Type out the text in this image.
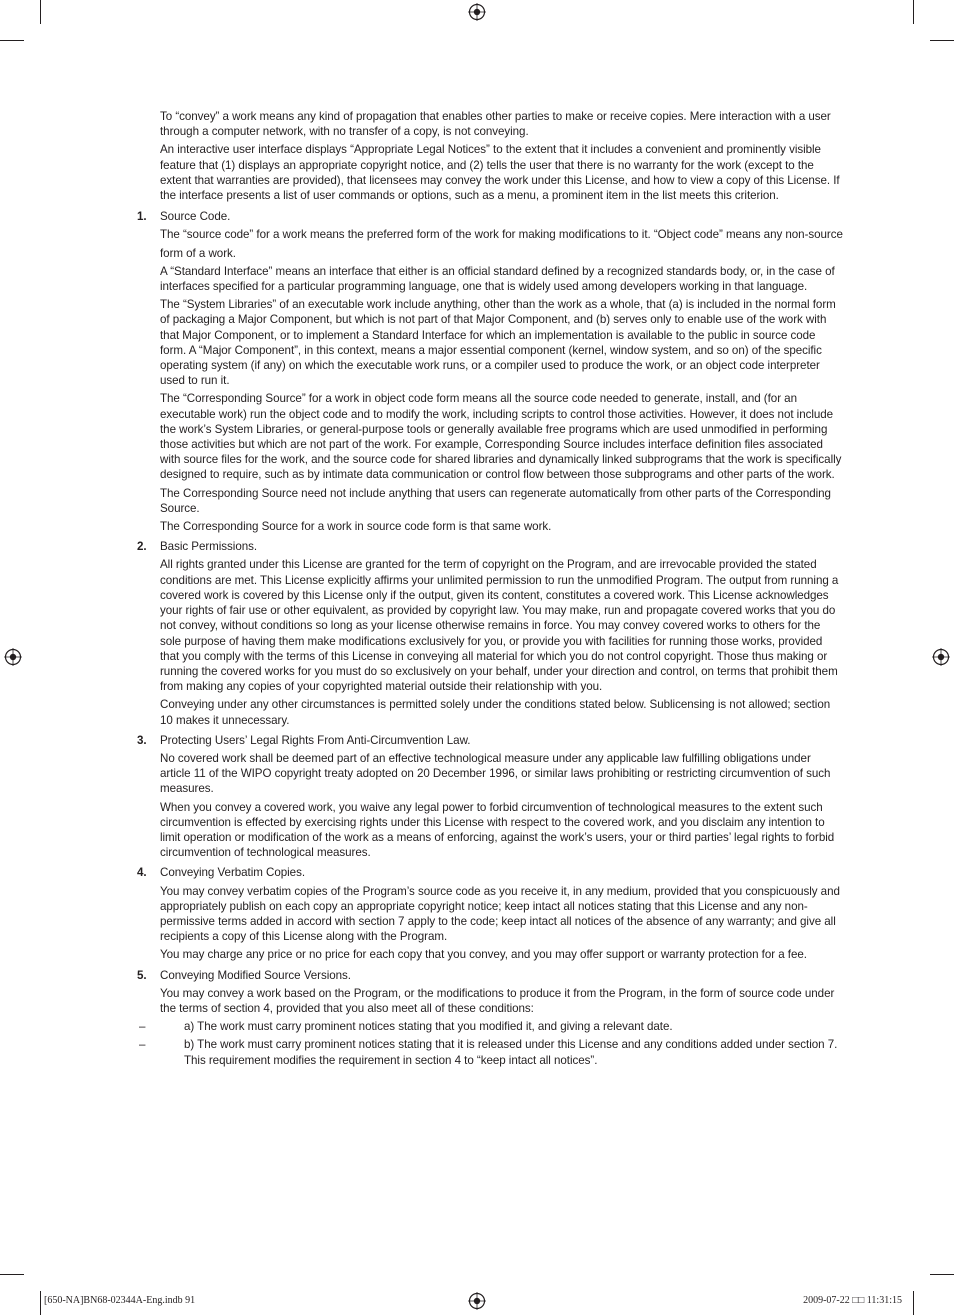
To “convey” a work means any kind of propagation that enables other parties to make or receive copies. Mere interaction with a user through a computer network, with no transfer of a copy, is not conveying.

An interactive user interface displays “Appropriate Legal Notices” to the extent that it includes a convenient and prominently visible feature that (1) displays an appropriate copyright notice, and (2) tells the user that there is no warranty for the work (except to the extent that warranties are provided), that licensees may convey the work under this License, and how to view a copy of this License. If the interface presents a list of user commands or options, such as a menu, a prominent item in the list meets this criterion.

1.	Source Code.

The “source code” for a work means the preferred form of the work for making modifications to it. “Object code” means any non-source

form of a work.

A “Standard Interface” means an interface that either is an official standard defined by a recognized standards body, or, in the case of interfaces specified for a particular programming language, one that is widely used among developers working in that language.

The “System Libraries” of an executable work include anything, other than the work as a whole, that (a) is included in the normal form of packaging a Major Component, but which is not part of that Major Component, and (b) serves only to enable use of the work with that Major Component, or to implement a Standard Interface for which an implementation is available to the public in source code form. A “Major Component”, in this context, means a major essential component (kernel, window system, and so on) of the specific operating system (if any) on which the executable work runs, or a compiler used to produce the work, or an object code interpreter used to run it.

The “Corresponding Source” for a work in object code form means all the source code needed to generate, install, and (for an executable work) run the object code and to modify the work, including scripts to control those activities. However, it does not include the work’s System Libraries, or general-purpose tools or generally available free programs which are used unmodified in performing those activities but which are not part of the work. For example, Corresponding Source includes interface definition files associated with source files for the work, and the source code for shared libraries and dynamically linked subprograms that the work is specifically designed to require, such as by intimate data communication or control flow between those subprograms and other parts of the work.

The Corresponding Source need not include anything that users can regenerate automatically from other parts of the Corresponding Source.

The Corresponding Source for a work in source code form is that same work.

2.	Basic Permissions.

All rights granted under this License are granted for the term of copyright on the Program, and are irrevocable provided the stated conditions are met. This License explicitly affirms your unlimited permission to run the unmodified Program. The output from running a covered work is covered by this License only if the output, given its content, constitutes a covered work. This License acknowledges your rights of fair use or other equivalent, as provided by copyright law. You may make, run and propagate covered works that you do not convey, without conditions so long as your license otherwise remains in force. You may convey covered works to others for the sole purpose of having them make modifications exclusively for you, or provide you with facilities for running those works, provided that you comply with the terms of this License in conveying all material for which you do not control copyright. Those thus making or running the covered works for you must do so exclusively on your behalf, under your direction and control, on terms that prohibit them from making any copies of your copyrighted material outside their relationship with you.

Conveying under any other circumstances is permitted solely under the conditions stated below. Sublicensing is not allowed; section 10 makes it unnecessary.

3.	Protecting Users’ Legal Rights From Anti-Circumvention Law.

No covered work shall be deemed part of an effective technological measure under any applicable law fulfilling obligations under article 11 of the WIPO copyright treaty adopted on 20 December 1996, or similar laws prohibiting or restricting circumvention of such measures.

When you convey a covered work, you waive any legal power to forbid circumvention of technological measures to the extent such circumvention is effected by exercising rights under this License with respect to the covered work, and you disclaim any intention to limit operation or modification of the work as a means of enforcing, against the work’s users, your or third parties’ legal rights to forbid circumvention of technological measures.

4.	Conveying Verbatim Copies.

You may convey verbatim copies of the Program’s source code as you receive it, in any medium, provided that you conspicuously and appropriately publish on each copy an appropriate copyright notice; keep intact all notices stating that this License and any non-permissive terms added in accord with section 7 apply to the code; keep intact all notices of the absence of any warranty; and give all recipients a copy of this License along with the Program.

You may charge any price or no price for each copy that you convey, and you may offer support or warranty protection for a fee.

5.	Conveying Modified Source Versions.

You may convey a work based on the Program, or the modifications to produce it from the Program, in the form of source code under the terms of section 4, provided that you also meet all of these conditions:

–	a) The work must carry prominent notices stating that you modified it, and giving a relevant date.
–	b) The work must carry prominent notices stating that it is released under this License and any conditions added under section 7. This requirement modifies the requirement in section 4 to “keep intact all notices”.
[650-NA]BN68-02344A-Eng.indb 91	2009-07-22 □□ 11:31:15
